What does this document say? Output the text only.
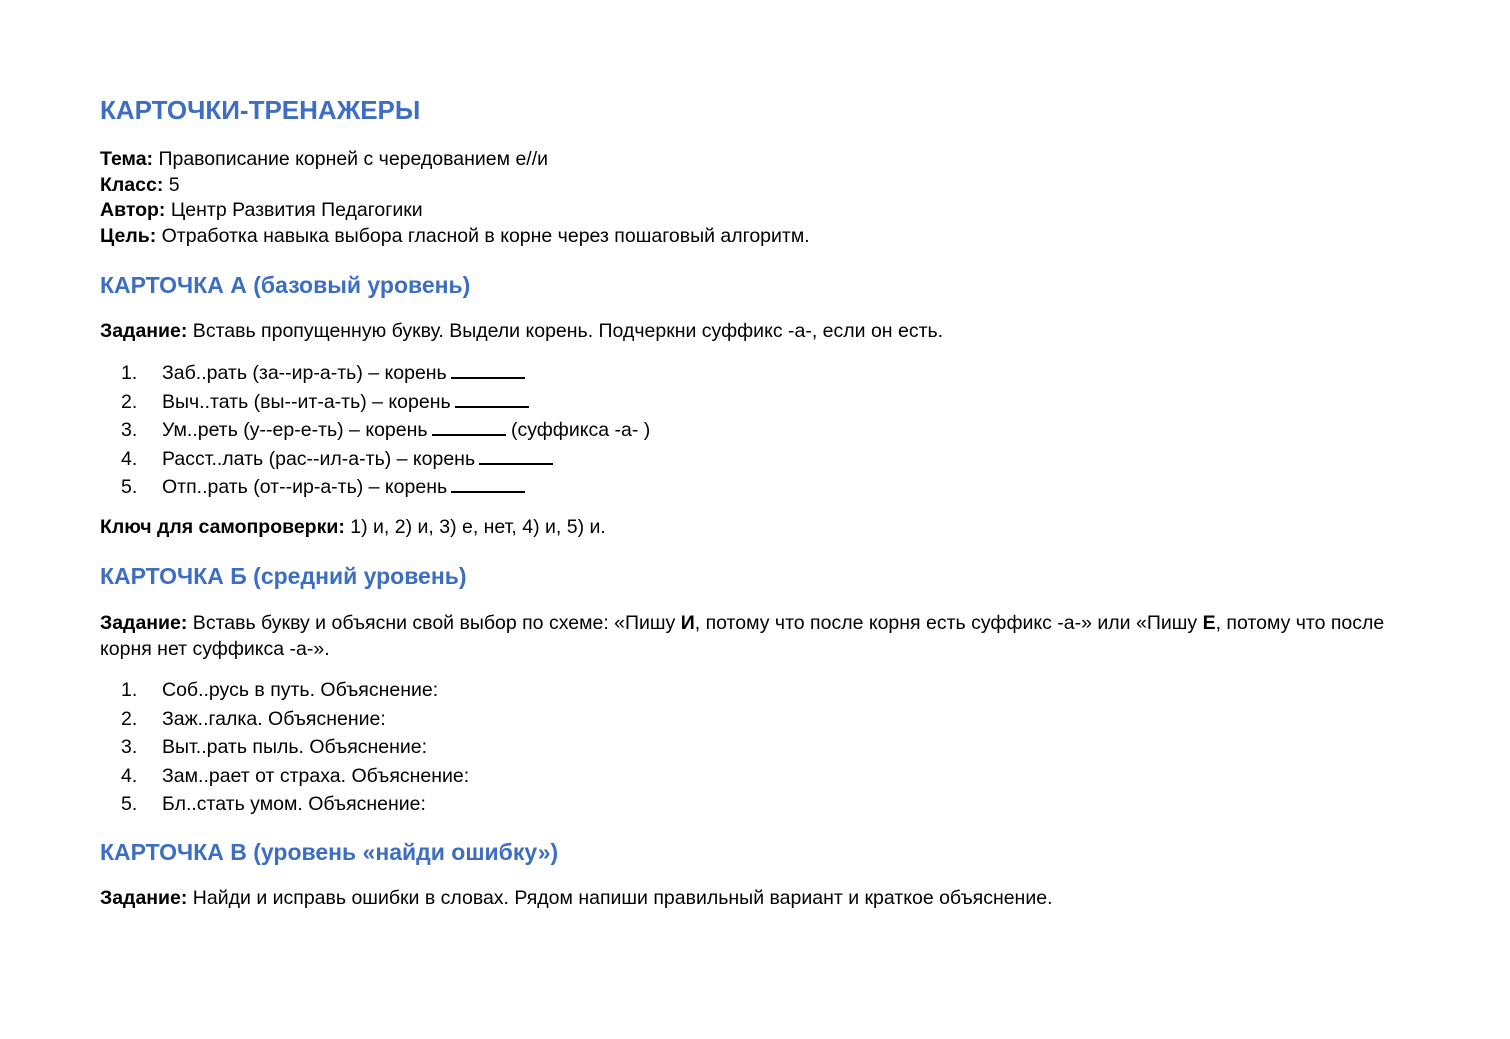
КАРТОЧКИ-ТРЕНАЖЕРЫ
Тема: Правописание корней с чередованием е//и
Класс: 5
Автор: Центр Развития Педагогики
Цель: Отработка навыка выбора гласной в корне через пошаговый алгоритм.
КАРТОЧКА А (базовый уровень)

Задание: Вставь пропущенную букву. Выдели корень. Подчеркни суффикс -а-, если он есть.

1. Заб..рать (за--ир-а-ть) – корень
2. Выч..тать (вы--ит-а-ть) – корень
3. Ум..реть (у--ер-е-ть) – корень	(суффикса -а- )
4. Расст..лать (рас--ил-а-ть) – корень
5. Отп..рать (от--ир-а-ть) – корень

Ключ для самопроверки: 1) и, 2) и, 3) е, нет, 4) и, 5) и.

КАРТОЧКА Б (средний уровень)

Задание: Вставь букву и объясни свой выбор по схеме: «Пишу И, потому что после корня есть суффикс -а-» или «Пишу Е, потому что после корня нет суффикса -а-».

1. Соб..русь в путь. Объяснение:
2. Заж..галка. Объяснение:
3. Выт..рать пыль. Объяснение:
4. Зам..рает от страха. Объяснение:
5. Бл..стать умом. Объяснение:
КАРТОЧКА В (уровень «найди ошибку»)

Задание: Найди и исправь ошибки в словах. Рядом напиши правильный вариант и краткое объяснение.
